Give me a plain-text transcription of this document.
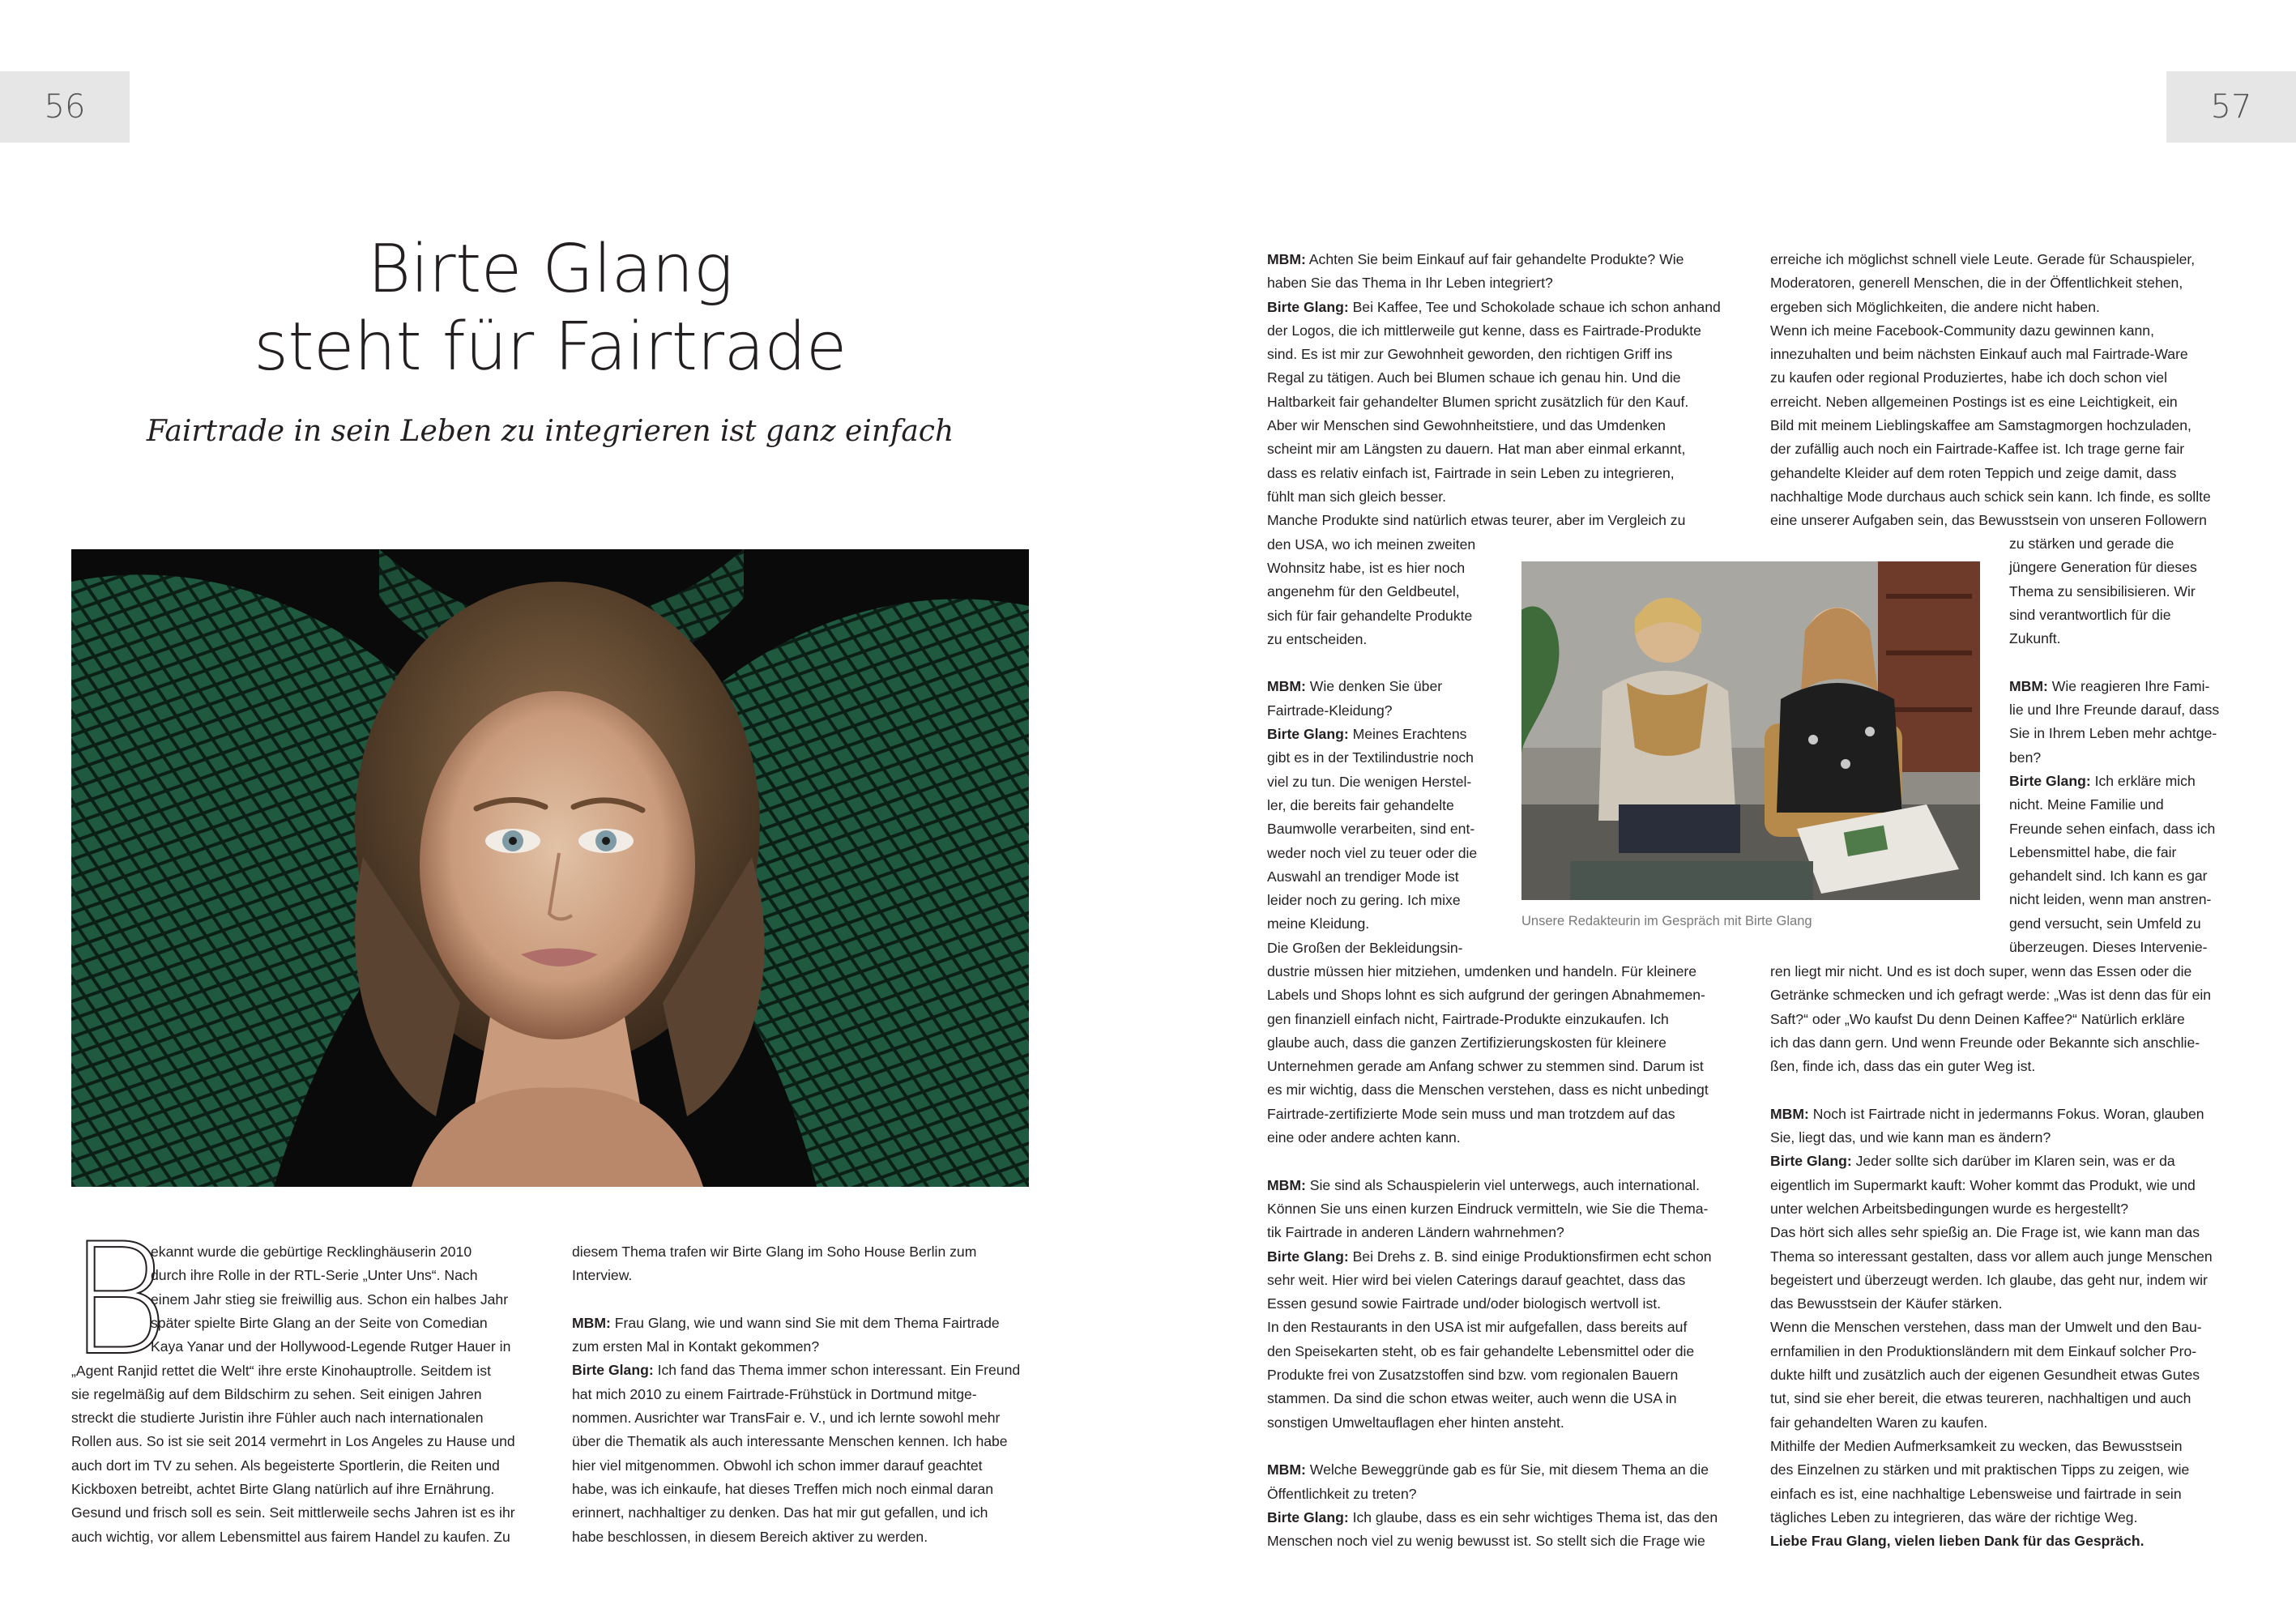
56	57
Birte Glang
steht für Fairtrade

Fairtrade in sein Leben zu integrieren ist ganz einfach

Unsere Redakteurin im Gespräch mit Birte Glang
B

ekannt wurde die gebürtige Recklinghäuserin 2010

durch ihre Rolle in der RTL-Serie „Unter Uns“. Nach

einem Jahr stieg sie freiwillig aus. Schon ein halbes Jahr

später spielte Birte Glang an der Seite von Comedian

Kaya Yanar und der Hollywood-Legende Rutger Hauer in

„Agent Ranjid rettet die Welt“ ihre erste Kinohauptrolle. Seitdem ist

sie regelmäßig auf dem Bildschirm zu sehen. Seit einigen Jahren

streckt die studierte Juristin ihre Fühler auch nach internationalen

Rollen aus. So ist sie seit 2014 vermehrt in Los Angeles zu Hause und

auch dort im TV zu sehen. Als begeisterte Sportlerin, die Reiten und

Kickboxen betreibt, achtet Birte Glang natürlich auf ihre Ernährung.

Gesund und frisch soll es sein. Seit mittlerweile sechs Jahren ist es ihr

auch wichtig, vor allem Lebensmittel aus fairem Handel zu kaufen. Zu

diesem Thema trafen wir Birte Glang im Soho House Berlin zum

Interview.

MBM: Frau Glang, wie und wann sind Sie mit dem Thema Fairtrade

zum ersten Mal in Kontakt gekommen?

Birte Glang: Ich fand das Thema immer schon interessant. Ein Freund

hat mich 2010 zu einem Fairtrade-Frühstück in Dortmund mitge-

nommen. Ausrichter war TransFair e. V., und ich lernte sowohl mehr

über die Thematik als auch interessante Menschen kennen. Ich habe

hier viel mitgenommen. Obwohl ich schon immer darauf geachtet

habe, was ich einkaufe, hat dieses Treffen mich noch einmal daran

erinnert, nachhaltiger zu denken. Das hat mir gut gefallen, und ich

habe beschlossen, in diesem Bereich aktiver zu werden.

MBM: Achten Sie beim Einkauf auf fair gehandelte Produkte? Wie

haben Sie das Thema in Ihr Leben integriert?

Birte Glang: Bei Kaffee, Tee und Schokolade schaue ich schon anhand

der Logos, die ich mittlerweile gut kenne, dass es Fairtrade-Produkte

sind. Es ist mir zur Gewohnheit geworden, den richtigen Griff ins

Regal zu tätigen. Auch bei Blumen schaue ich genau hin. Und die

Haltbarkeit fair gehandelter Blumen spricht zusätzlich für den Kauf.

Aber wir Menschen sind Gewohnheitstiere, und das Umdenken

scheint mir am Längsten zu dauern. Hat man aber einmal erkannt,

dass es relativ einfach ist, Fairtrade in sein Leben zu integrieren,

fühlt man sich gleich besser.

Manche Produkte sind natürlich etwas teurer, aber im Vergleich zu

den USA, wo ich meinen zweiten

Wohnsitz habe, ist es hier noch

angenehm für den Geldbeutel,

sich für fair gehandelte Produkte

zu entscheiden.

MBM: Wie denken Sie über

Fairtrade-Kleidung?

Birte Glang: Meines Erachtens

gibt es in der Textilindustrie noch

viel zu tun. Die wenigen Herstel-

ler, die bereits fair gehandelte

Baumwolle verarbeiten, sind ent-

weder noch viel zu teuer oder die

Auswahl an trendiger Mode ist

leider noch zu gering. Ich mixe

meine Kleidung.

Die Großen der Bekleidungsin-

dustrie müssen hier mitziehen, umdenken und handeln. Für kleinere

Labels und Shops lohnt es sich aufgrund der geringen Abnahmemen-

gen finanziell einfach nicht, Fairtrade-Produkte einzukaufen. Ich

glaube auch, dass die ganzen Zertifizierungskosten für kleinere

Unternehmen gerade am Anfang schwer zu stemmen sind. Darum ist

es mir wichtig, dass die Menschen verstehen, dass es nicht unbedingt

Fairtrade-zertifizierte Mode sein muss und man trotzdem auf das

eine oder andere achten kann.

MBM: Sie sind als Schauspielerin viel unterwegs, auch international.

Können Sie uns einen kurzen Eindruck vermitteln, wie Sie die Thema-

tik Fairtrade in anderen Ländern wahrnehmen?

Birte Glang: Bei Drehs z. B. sind einige Produktionsfirmen echt schon

sehr weit. Hier wird bei vielen Caterings darauf geachtet, dass das

Essen gesund sowie Fairtrade und/oder biologisch wertvoll ist.

In den Restaurants in den USA ist mir aufgefallen, dass bereits auf

den Speisekarten steht, ob es fair gehandelte Lebensmittel oder die

Produkte frei von Zusatzstoffen sind bzw. vom regionalen Bauern

stammen. Da sind die schon etwas weiter, auch wenn die USA in

sonstigen Umweltauflagen eher hinten ansteht.

MBM: Welche Beweggründe gab es für Sie, mit diesem Thema an die

Öffentlichkeit zu treten?

Birte Glang: Ich glaube, dass es ein sehr wichtiges Thema ist, das den

Menschen noch viel zu wenig bewusst ist. So stellt sich die Frage wie

erreiche ich möglichst schnell viele Leute. Gerade für Schauspieler,

Moderatoren, generell Menschen, die in der Öffentlichkeit stehen,

ergeben sich Möglichkeiten, die andere nicht haben.

Wenn ich meine Facebook-Community dazu gewinnen kann,

innezuhalten und beim nächsten Einkauf auch mal Fairtrade-Ware

zu kaufen oder regional Produziertes, habe ich doch schon viel

erreicht. Neben allgemeinen Postings ist es eine Leichtigkeit, ein

Bild mit meinem Lieblingskaffee am Samstagmorgen hochzuladen,

der zufällig auch noch ein Fairtrade-Kaffee ist. Ich trage gerne fair

gehandelte Kleider auf dem roten Teppich und zeige damit, dass

nachhaltige Mode durchaus auch schick sein kann. Ich finde, es sollte

eine unserer Aufgaben sein, das Bewusstsein von unseren Followern

zu stärken und gerade die

jüngere Generation für dieses

Thema zu sensibilisieren. Wir

sind verantwortlich für die

Zukunft.

MBM: Wie reagieren Ihre Fami-

lie und Ihre Freunde darauf, dass

Sie in Ihrem Leben mehr achtge-

ben?

Birte Glang: Ich erkläre mich

nicht. Meine Familie und

Freunde sehen einfach, dass ich

Lebensmittel habe, die fair

gehandelt sind. Ich kann es gar

nicht leiden, wenn man anstren-

gend versucht, sein Umfeld zu

überzeugen. Dieses Intervenie-

ren liegt mir nicht. Und es ist doch super, wenn das Essen oder die

Getränke schmecken und ich gefragt werde: „Was ist denn das für ein

Saft?“ oder „Wo kaufst Du denn Deinen Kaffee?“ Natürlich erkläre

ich das dann gern. Und wenn Freunde oder Bekannte sich anschlie-

ßen, finde ich, dass das ein guter Weg ist.

MBM: Noch ist Fairtrade nicht in jedermanns Fokus. Woran, glauben

Sie, liegt das, und wie kann man es ändern?

Birte Glang: Jeder sollte sich darüber im Klaren sein, was er da

eigentlich im Supermarkt kauft: Woher kommt das Produkt, wie und

unter welchen Arbeitsbedingungen wurde es hergestellt?

Das hört sich alles sehr spießig an. Die Frage ist, wie kann man das

Thema so interessant gestalten, dass vor allem auch junge Menschen

begeistert und überzeugt werden. Ich glaube, das geht nur, indem wir

das Bewusstsein der Käufer stärken.

Wenn die Menschen verstehen, dass man der Umwelt und den Bau-

ernfamilien in den Produktionsländern mit dem Einkauf solcher Pro-

dukte hilft und zusätzlich auch der eigenen Gesundheit etwas Gutes

tut, sind sie eher bereit, die etwas teureren, nachhaltigen und auch

fair gehandelten Waren zu kaufen.

Mithilfe der Medien Aufmerksamkeit zu wecken, das Bewusstsein

des Einzelnen zu stärken und mit praktischen Tipps zu zeigen, wie

einfach es ist, eine nachhaltige Lebensweise und fairtrade in sein

tägliches Leben zu integrieren, das wäre der richtige Weg.

Liebe Frau Glang, vielen lieben Dank für das Gespräch.
